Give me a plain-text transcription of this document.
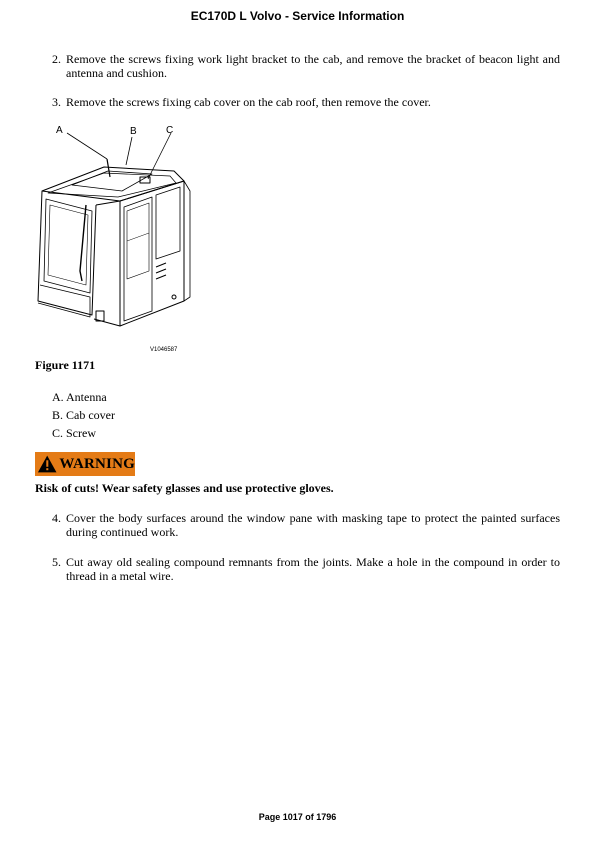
EC170D L Volvo - Service Information
2. Remove the screws fixing work light bracket to the cab, and remove the bracket of beacon light and antenna and cushion.
3. Remove the screws fixing cab cover on the cab roof, then remove the cover.
A	B	C
V1046587
Figure 1171
A. Antenna
B. Cab cover
C. Screw
WARNING
Risk of cuts! Wear safety glasses and use protective gloves.
4. Cover the body surfaces around the window pane with masking tape to protect the painted surfaces during continued work.
5. Cut away old sealing compound remnants from the joints. Make a hole in the compound in order to thread in a metal wire.
Page 1017 of 1796
